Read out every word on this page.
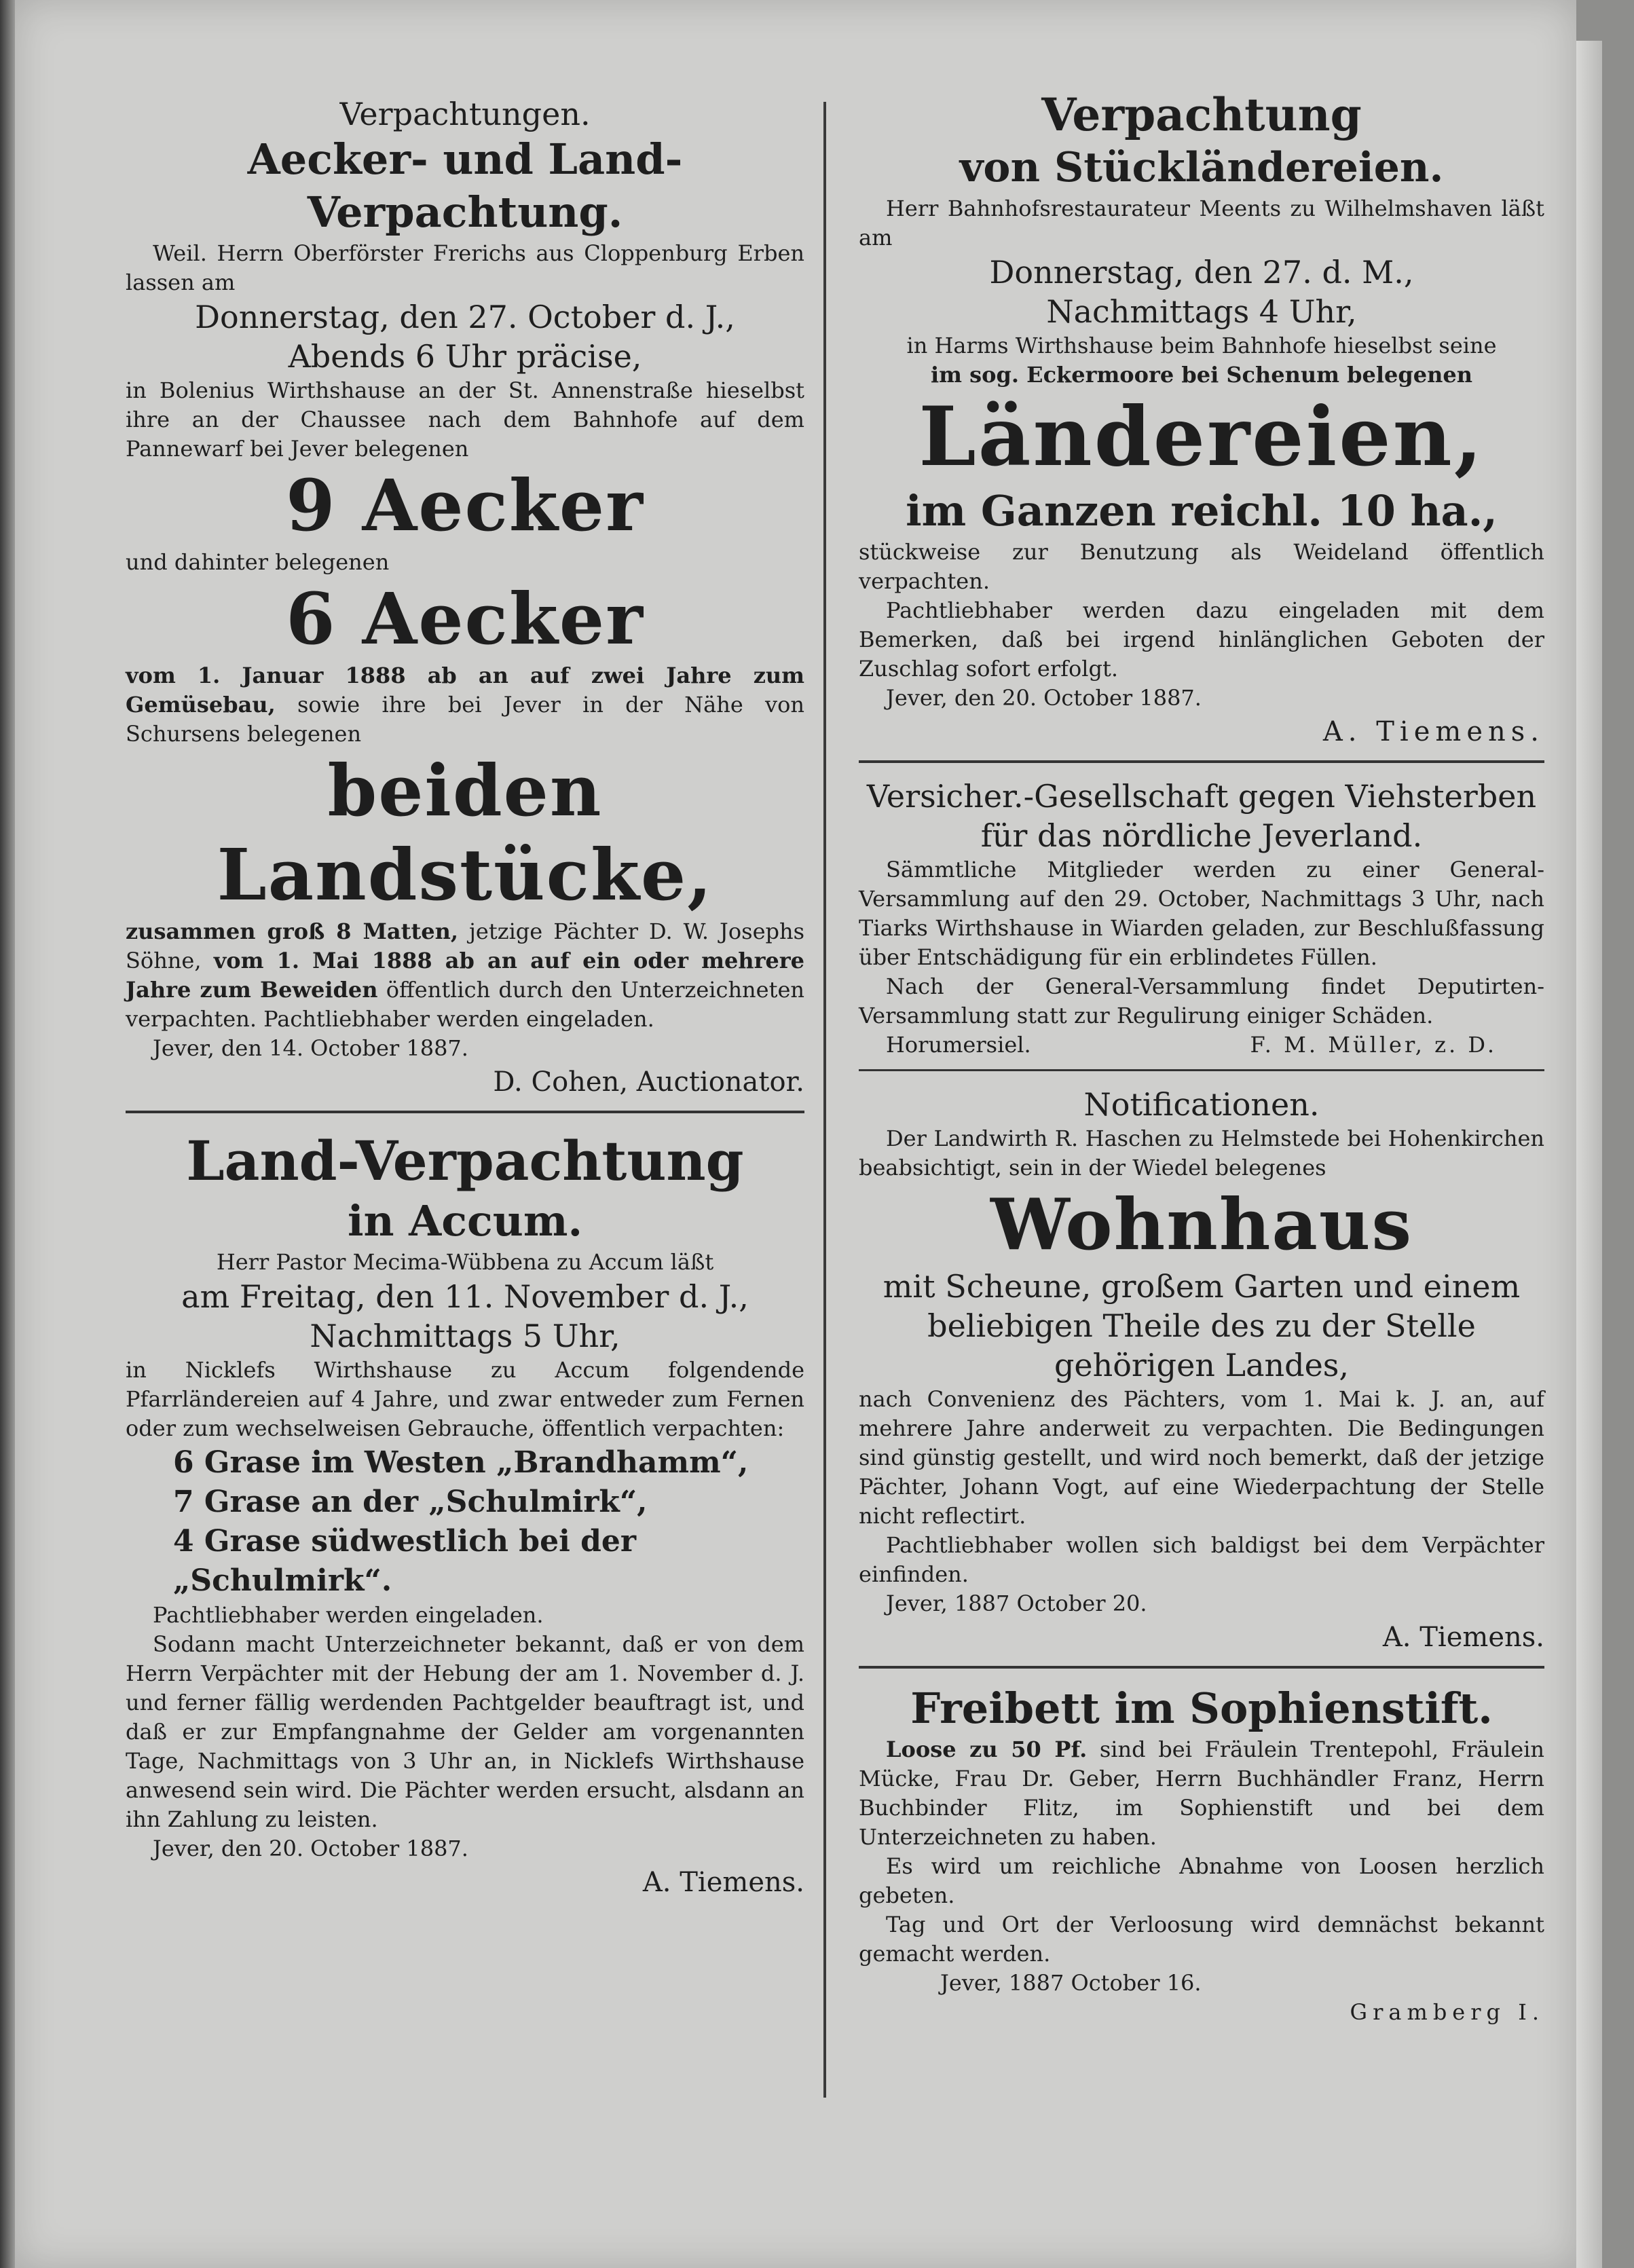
Verpachtungen.

Aecker- und Land-

Verpachtung.

Weil. Herrn Oberförster Frerichs aus Cloppenburg Erben lassen am

Donnerstag, den 27. October d. J.,

Abends 6 Uhr präcise,

in Bolenius Wirthshause an der St. Annenstraße hieselbst ihre an der Chaussee nach dem Bahnhofe auf dem Pannewarf bei Jever belegenen

9 Aecker

und dahinter belegenen

6 Aecker

vom 1. Januar 1888 ab an auf zwei Jahre zum Gemüsebau, sowie ihre bei Jever in der Nähe von Schursens belegenen

beiden Landstücke,

zusammen groß 8 Matten, jetzige Pächter D. W. Josephs Söhne, vom 1. Mai 1888 ab an auf ein oder mehrere Jahre zum Beweiden öffentlich durch den Unterzeichneten verpachten. Pachtliebhaber werden eingeladen.

Jever, den 14. October 1887.

D. Cohen, Auctionator.

Land-Verpachtung

in Accum.

Herr Pastor Mecima-Wübbena zu Accum läßt

am Freitag, den 11. November d. J.,

Nachmittags 5 Uhr,

in Nicklefs Wirthshause zu Accum folgendende Pfarrländereien auf 4 Jahre, und zwar entweder zum Fernen oder zum wechselweisen Gebrauche, öffentlich verpachten:

6 Grase im Westen „Brandhamm“,

7 Grase an der „Schulmirk“,

4 Grase südwestlich bei der „Schulmirk“.

Pachtliebhaber werden eingeladen.

Sodann macht Unterzeichneter bekannt, daß er von dem Herrn Verpächter mit der Hebung der am 1. November d. J. und ferner fällig werdenden Pachtgelder beauftragt ist, und daß er zur Empfangnahme der Gelder am vorgenannten Tage, Nachmittags von 3 Uhr an, in Nicklefs Wirthshause anwesend sein wird. Die Pächter werden ersucht, alsdann an ihn Zahlung zu leisten.

Jever, den 20. October 1887.

A. Tiemens.

Verpachtung

von Stückländereien.

Herr Bahnhofsrestaurateur Meents zu Wilhelmshaven läßt am

Donnerstag, den 27. d. M.,

Nachmittags 4 Uhr,

in Harms Wirthshause beim Bahnhofe hieselbst seine

im sog. Eckermoore bei Schenum belegenen

Ländereien,

im Ganzen reichl. 10 ha.,

stückweise zur Benutzung als Weideland öffentlich verpachten.

Pachtliebhaber werden dazu eingeladen mit dem Bemerken, daß bei irgend hinlänglichen Geboten der Zuschlag sofort erfolgt.

Jever, den 20. October 1887.

A. Tiemens.

Versicher.-Gesellschaft gegen Viehsterben

für das nördliche Jeverland.

Sämmtliche Mitglieder werden zu einer General-Versammlung auf den 29. October, Nachmittags 3 Uhr, nach Tiarks Wirthshause in Wiarden geladen, zur Beschlußfassung über Entschädigung für ein erblindetes Füllen.

Nach der General-Versammlung findet Deputirten-Versammlung statt zur Regulirung einiger Schäden.

Horumersiel.	F. M. Müller, z. D.

Notificationen.

Der Landwirth R. Haschen zu Helmstede bei Hohenkirchen beabsichtigt, sein in der Wiedel belegenes

Wohnhaus

mit Scheune, großem Garten und einem beliebigen Theile des zu der Stelle gehörigen Landes,

nach Convenienz des Pächters, vom 1. Mai k. J. an, auf mehrere Jahre anderweit zu verpachten. Die Bedingungen sind günstig gestellt, und wird noch bemerkt, daß der jetzige Pächter, Johann Vogt, auf eine Wiederpachtung der Stelle nicht reflectirt.

Pachtliebhaber wollen sich baldigst bei dem Verpächter einfinden.

Jever, 1887 October 20.

A. Tiemens.

Freibett im Sophienstift.

Loose zu 50 Pf. sind bei Fräulein Trentepohl, Fräulein Mücke, Frau Dr. Geber, Herrn Buchhändler Franz, Herrn Buchbinder Flitz, im Sophienstift und bei dem Unterzeichneten zu haben.

Es wird um reichliche Abnahme von Loosen herzlich gebeten.

Tag und Ort der Verloosung wird demnächst bekannt gemacht werden.

Jever, 1887 October 16.

Gramberg I.
